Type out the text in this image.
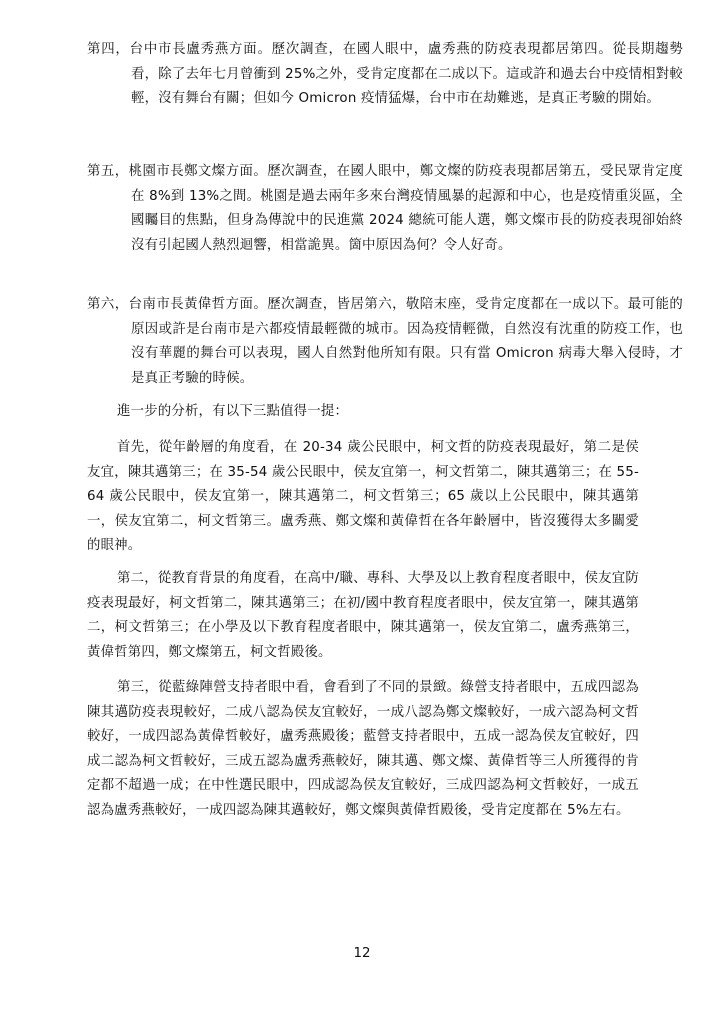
第四，台中市長盧秀燕方面。歷次調查，在國人眼中，盧秀燕的防疫表現都居第四。從長期趨勢看，除了去年七月曾衝到 25%之外，受肯定度都在二成以下。這或許和過去台中疫情相對較輕，沒有舞台有關；但如今 Omicron 疫情猛爆，台中市在劫難逃，是真正考驗的開始。

第五，桃園市長鄭文燦方面。歷次調查，在國人眼中，鄭文燦的防疫表現都居第五，受民眾肯定度在 8%到 13%之間。桃園是過去兩年多來台灣疫情風暴的起源和中心，也是疫情重災區，全國矚目的焦點，但身為傳說中的民進黨 2024 總統可能人選，鄭文燦市長的防疫表現卻始終沒有引起國人熱烈迴響，相當詭異。箇中原因為何？令人好奇。

第六，台南市長黃偉哲方面。歷次調查，皆居第六，敬陪末座，受肯定度都在一成以下。最可能的原因或許是台南市是六都疫情最輕微的城市。因為疫情輕微，自然沒有沈重的防疫工作，也沒有華麗的舞台可以表現，國人自然對他所知有限。只有當 Omicron 病毒大舉入侵時，才是真正考驗的時候。

進一步的分析，有以下三點值得一提：

首先，從年齡層的角度看，在 20-34 歲公民眼中，柯文哲的防疫表現最好，第二是侯友宜，陳其邁第三；在 35-54 歲公民眼中，侯友宜第一，柯文哲第二，陳其邁第三；在 55-64 歲公民眼中，侯友宜第一，陳其邁第二，柯文哲第三；65 歲以上公民眼中，陳其邁第一，侯友宜第二，柯文哲第三。盧秀燕、鄭文燦和黃偉哲在各年齡層中，皆沒獲得太多關愛的眼神。

第二，從教育背景的角度看，在高中/職、專科、大學及以上教育程度者眼中，侯友宜防疫表現最好，柯文哲第二，陳其邁第三；在初/國中教育程度者眼中，侯友宜第一，陳其邁第二，柯文哲第三；在小學及以下教育程度者眼中，陳其邁第一，侯友宜第二，盧秀燕第三，黃偉哲第四，鄭文燦第五，柯文哲殿後。

第三，從藍綠陣營支持者眼中看，會看到了不同的景緻。綠營支持者眼中，五成四認為陳其邁防疫表現較好，二成八認為侯友宜較好，一成八認為鄭文燦較好，一成六認為柯文哲較好，一成四認為黃偉哲較好，盧秀燕殿後；藍營支持者眼中，五成一認為侯友宜較好，四成二認為柯文哲較好，三成五認為盧秀燕較好，陳其邁、鄭文燦、黃偉哲等三人所獲得的肯定都不超過一成；在中性選民眼中，四成認為侯友宜較好，三成四認為柯文哲較好，一成五認為盧秀燕較好，一成四認為陳其邁較好，鄭文燦與黃偉哲殿後，受肯定度都在 5%左右。

12
